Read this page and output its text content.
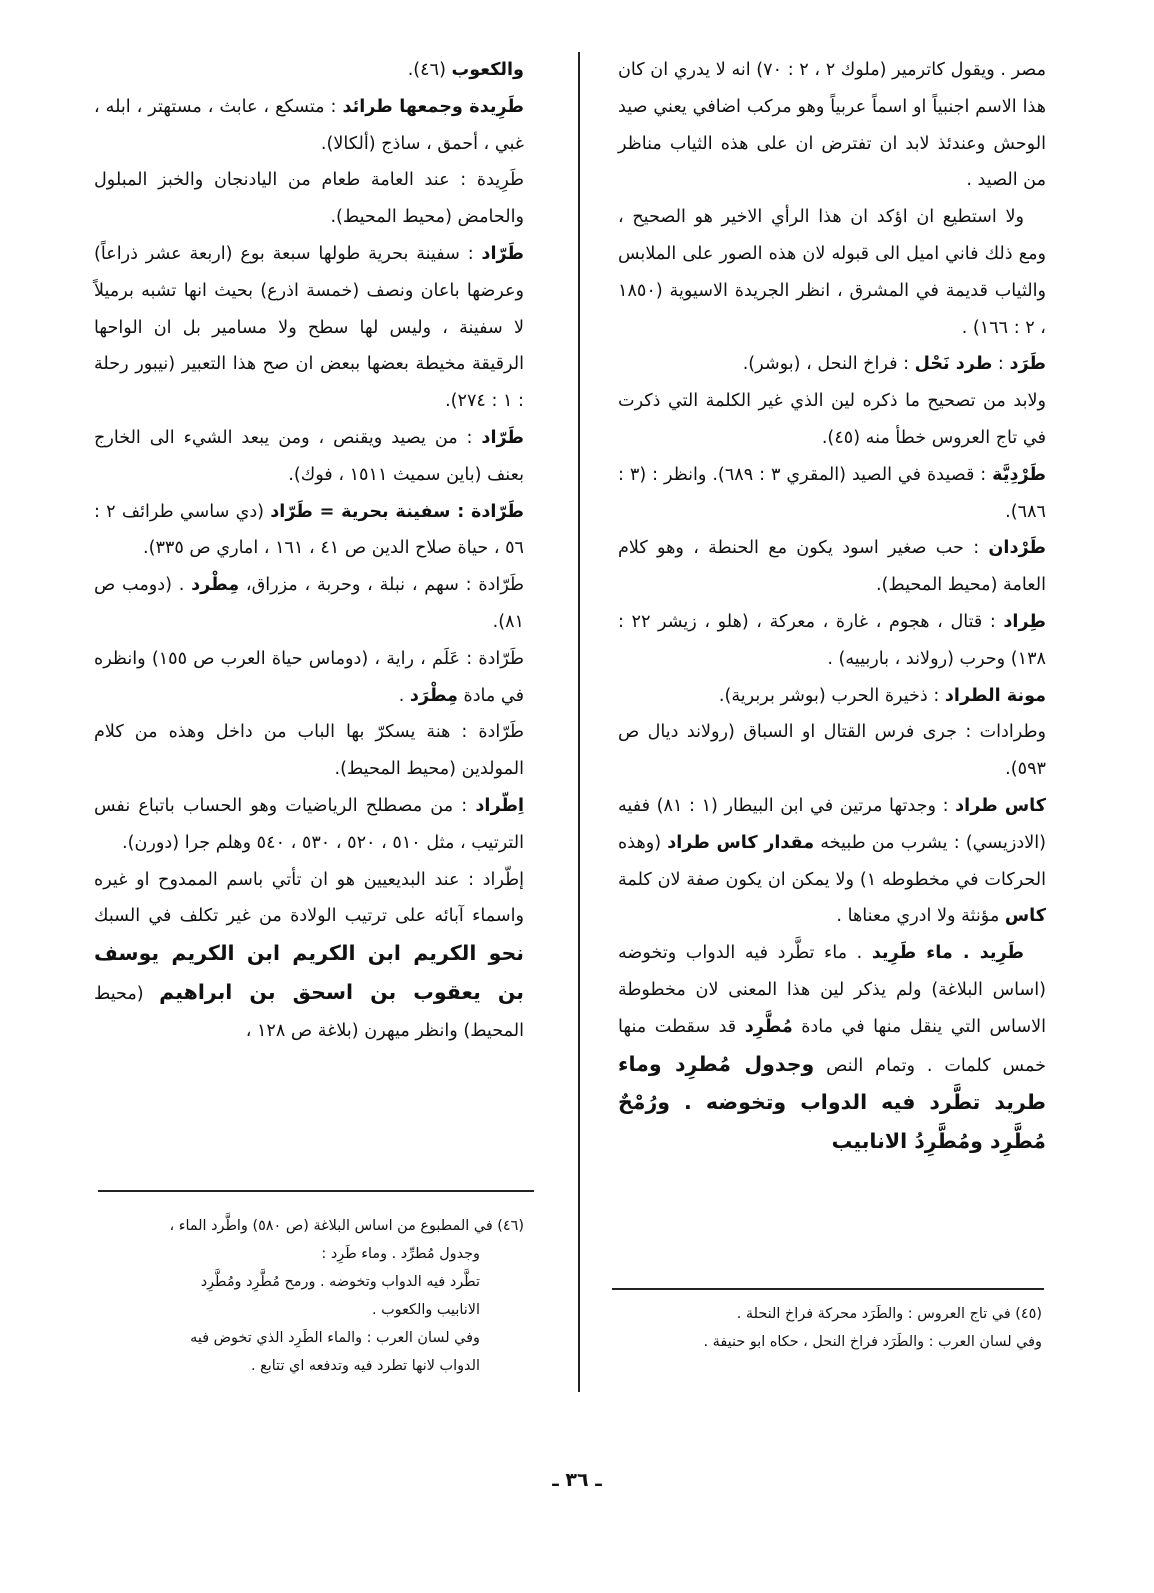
مصر . ويقول كاترمير (ملوك ٢ ، ٢ : ٧٠) انه لا يدري ان كان هذا الاسم اجنبياً او اسماً عربياً وهو مركب اضافي يعني صيد الوحش وعندئذ لابد ان تفترض ان على هذه الثياب مناظر من الصيد .

ولا استطيع ان اؤكد ان هذا الرأي الاخير هو الصحيح ، ومع ذلك فاني اميل الى قبوله لان هذه الصور على الملابس والثياب قديمة في المشرق ، انظر الجريدة الاسيوية (١٨٥٠ ، ٢ : ١٦٦) .

طَرَد : طرد نَحْل : فراخ النحل ، (بوشر).

ولابد من تصحيح ما ذكره لين الذي غير الكلمة التي ذكرت في تاج العروس خطأ منه (٤٥).

طَرْدِيَّة : قصيدة في الصيد (المقري ٣ : ٦٨٩). وانظر : (٣ : ٦٨٦).

طَرْدان : حب صغير اسود يكون مع الحنطة ، وهو كلام العامة (محيط المحيط).

طِراد : قتال ، هجوم ، غارة ، معركة ، (هلو ، زيشر ٢٢ : ١٣٨) وحرب (رولاند ، باربييه) .

مونة الطراد : ذخيرة الحرب (بوشر بربرية).

وطرادات : جرى فرس القتال او السباق (رولاند ديال ص ٥٩٣).

كاس طراد : وجدتها مرتين في ابن البيطار (١ : ٨١) ففيه (الادزيسي) : يشرب من طبيخه مقدار كاس طراد (وهذه الحركات في مخطوطه ١) ولا يمكن ان يكون صفة لان كلمة كاس مؤنثة ولا ادري معناها .

طَرِيد . ماء طَرِيد . ماء تطَّرد فيه الدواب وتخوضه (اساس البلاغة) ولم يذكر لين هذا المعنى لان مخطوطة الاساس التي ينقل منها في مادة مُطَّرِد قد سقطت منها خمس كلمات . وتمام النص وجدول مُطرِد وماء طريد تطَّرد فيه الدواب وتخوضه . ورُمْحٌ مُطَّرِد ومُطَّرِدُ الانابيب

والكعوب (٤٦).

طَرِيدة وجمعها طرائد : متسكع ، عابث ، مستهتر ، ابله ، غبي ، أحمق ، ساذج (ألكالا).

طَرِيدة : عند العامة طعام من اليادنجان والخبز المبلول والحامض (محيط المحيط).

طَرّاد : سفينة بحرية طولها سبعة بوع (اربعة عشر ذراعاً) وعرضها باعان ونصف (خمسة اذرع) بحيث انها تشبه برميلاً لا سفينة ، وليس لها سطح ولا مسامير بل ان الواحها الرقيقة مخيطة بعضها ببعض ان صح هذا التعبير (نيبور رحلة : ١ : ٢٧٤).

طَرّاد : من يصيد ويقنص ، ومن يبعد الشيء الى الخارج بعنف (باين سميث ١٥١١ ، فوك).

طَرّادة : سفينة بحرية = طَرّاد (دي ساسي طرائف ٢ : ٥٦ ، حياة صلاح الدين ص ٤١ ، ١٦١ ، اماري ص ٣٣٥).

طَرّادة : سهم ، نبلة ، وحربة ، مزراق، مِطْرد . (دومب ص ٨١).

طَرّادة : عَلَم ، راية ، (دوماس حياة العرب ص ١٥٥) وانظره في مادة مِطْرَد .

طَرّادة : هنة يسكرّ بها الباب من داخل وهذه من كلام المولدين (محيط المحيط).

اِطّراد : من مصطلح الرياضيات وهو الحساب باتباع نفس الترتيب ، مثل ٥١٠ ، ٥٢٠ ، ٥٣٠ ، ٥٤٠ وهلم جرا (دورن).

إطّراد : عند البديعيين هو ان تأتي باسم الممدوح او غيره واسماء آبائه على ترتيب الولادة من غير تكلف في السبك نحو الكريم ابن الكريم ابن الكريم يوسف بن يعقوب بن اسحق بن ابراهيم (محيط المحيط) وانظر ميهرن (بلاغة ص ١٢٨ ،

(٤٥) في تاج العروس : والطَرَد محركة فراخ النحلة .

وفي لسان العرب : والطَرَد فراخ النحل ، حكاه ابو حنيفة .

(٤٦) في المطبوع من اساس البلاغة (ص ٥٨٠) واطَّرد الماء ،

وجدول مُطرِّد . وماء طَرِد :

تطَّرد فيه الدواب وتخوضه . ورمح مُطَّرِد ومُطَّرِد

الانابيب والكعوب .

وفي لسان العرب : والماء الطَرِد الذي تخوض فيه

الدواب لانها تطرد فيه وتدفعه اي تتابع .

ـ ٣٦ ـ
